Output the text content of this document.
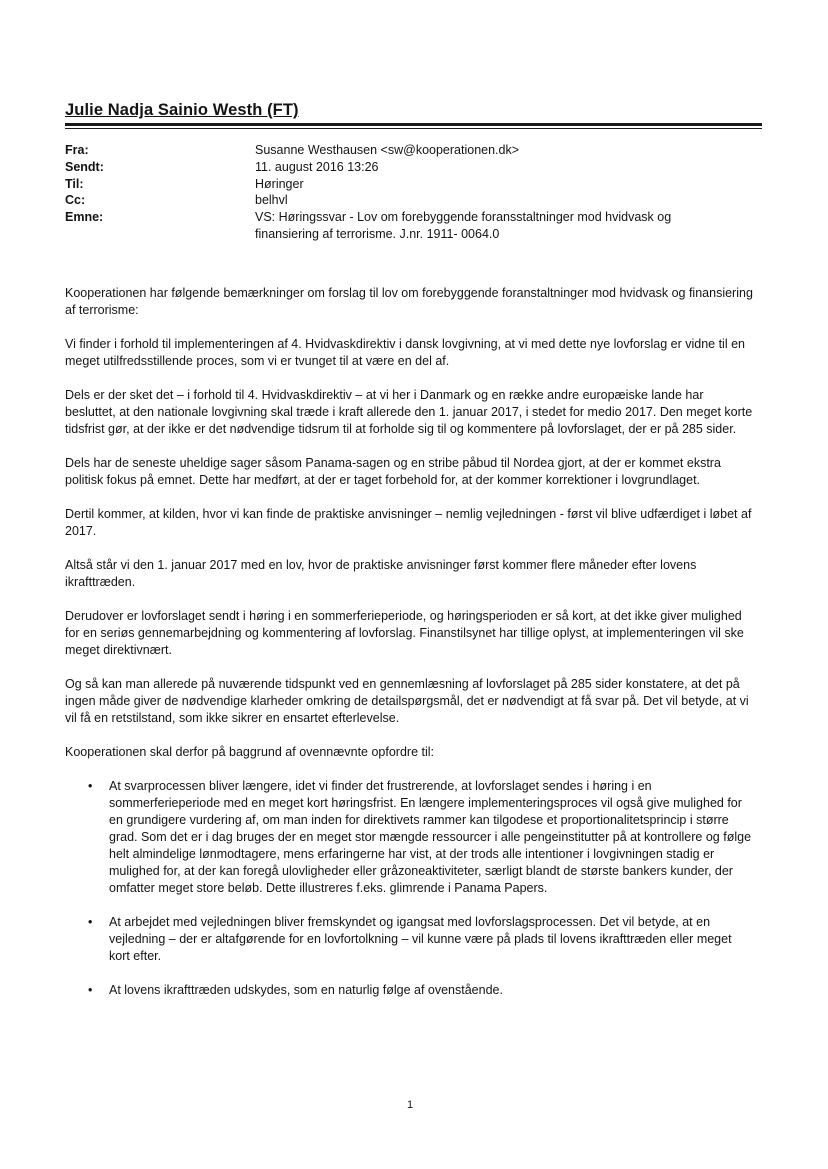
Julie Nadja Sainio Westh (FT)
Fra:	Susanne Westhausen <sw@kooperationen.dk>
Sendt:	11. august 2016 13:26
Til:	Høringer
Cc:	belhvl
Emne:	VS: Høringssvar - Lov om forebyggende foransstaltninger mod hvidvask og finansiering af terrorisme. J.nr. 1911- 0064.0

Kooperationen har følgende bemærkninger om forslag til lov om forebyggende foranstaltninger mod hvidvask og finansiering af terrorisme:

Vi finder i forhold til implementeringen af 4. Hvidvaskdirektiv i dansk lovgivning, at vi med dette nye lovforslag er vidne til en meget utilfredsstillende proces, som vi er tvunget til at være en del af.

Dels er der sket det – i forhold til 4. Hvidvaskdirektiv – at vi her i Danmark og en række andre europæiske lande har besluttet, at den nationale lovgivning skal træde i kraft allerede den 1. januar 2017, i stedet for medio 2017. Den meget korte tidsfrist gør, at der ikke er det nødvendige tidsrum til at forholde sig til og kommentere på lovforslaget, der er på 285 sider.

Dels har de seneste uheldige sager såsom Panama-sagen og en stribe påbud til Nordea gjort, at der er kommet ekstra politisk fokus på emnet. Dette har medført, at der er taget forbehold for, at der kommer korrektioner i lovgrundlaget.

Dertil kommer, at kilden, hvor vi kan finde de praktiske anvisninger – nemlig vejledningen - først vil blive udfærdiget i løbet af 2017.

Altså står vi den 1. januar 2017 med en lov, hvor de praktiske anvisninger først kommer flere måneder efter lovens ikrafttræden.

Derudover er lovforslaget sendt i høring i en sommerferieperiode, og høringsperioden er så kort, at det ikke giver mulighed for en seriøs gennemarbejdning og kommentering af lovforslag. Finanstilsynet har tillige oplyst, at implementeringen vil ske meget direktivnært.

Og så kan man allerede på nuværende tidspunkt ved en gennemlæsning af lovforslaget på 285 sider konstatere, at det på ingen måde giver de nødvendige klarheder omkring de detailspørgsmål, det er nødvendigt at få svar på. Det vil betyde, at vi vil få en retstilstand, som ikke sikrer en ensartet efterlevelse.

Kooperationen skal derfor på baggrund af ovennævnte opfordre til:

• At svarprocessen bliver længere, idet vi finder det frustrerende, at lovforslaget sendes i høring i en sommerferieperiode med en meget kort høringsfrist. En længere implementeringsproces vil også give mulighed for en grundigere vurdering af, om man inden for direktivets rammer kan tilgodese et proportionalitetsprincip i større grad. Som det er i dag bruges der en meget stor mængde ressourcer i alle pengeinstitutter på at kontrollere og følge helt almindelige lønmodtagere, mens erfaringerne har vist, at der trods alle intentioner i lovgivningen stadig er mulighed for, at der kan foregå ulovligheder eller gråzoneaktiviteter, særligt blandt de største bankers kunder, der omfatter meget store beløb. Dette illustreres f.eks. glimrende i Panama Papers.
• At arbejdet med vejledningen bliver fremskyndet og igangsat med lovforslagsprocessen. Det vil betyde, at en vejledning – der er altafgørende for en lovfortolkning – vil kunne være på plads til lovens ikrafttræden eller meget kort efter.
• At lovens ikrafttræden udskydes, som en naturlig følge af ovenstående.
1
